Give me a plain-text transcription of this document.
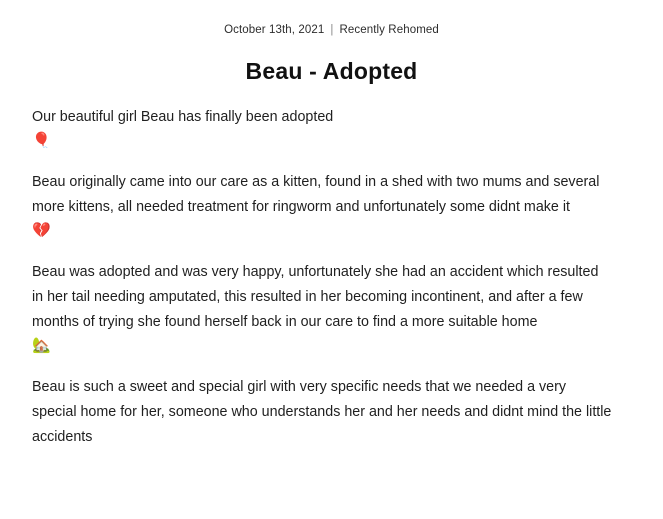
October 13th, 2021 | Recently Rehomed
Beau - Adopted

Our beautiful girl Beau has finally been adopted
🎈

Beau originally came into our care as a kitten, found in a shed with two mums and several more kittens, all needed treatment for ringworm and unfortunately some didnt make it
💔

Beau was adopted and was very happy, unfortunately she had an accident which resulted in her tail needing amputated, this resulted in her becoming incontinent, and after a few months of trying she found herself back in our care to find a more suitable home
🏡

Beau is such a sweet and special girl with very specific needs that we needed a very special home for her, someone who understands her and her needs and didnt mind the little accidents
